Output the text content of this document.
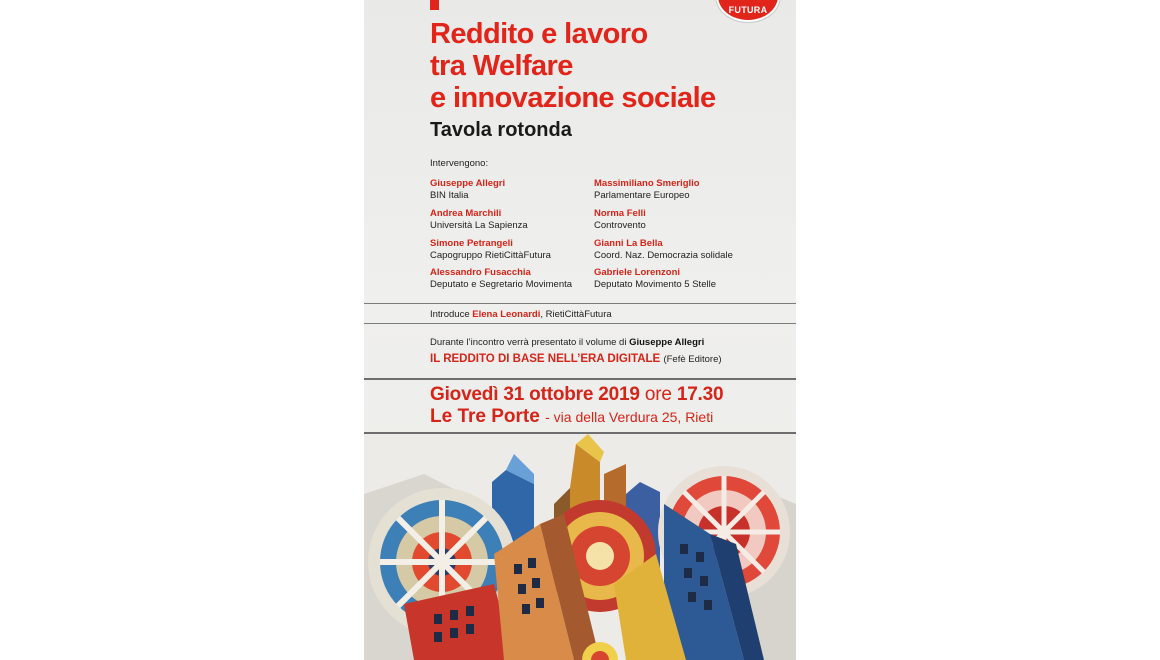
FUTURA
Reddito e lavoro
tra Welfare
e innovazione sociale
Tavola rotonda
Intervengono:
Giuseppe Allegri
BIN Italia
Andrea Marchili
Università La Sapienza
Simone Petrangeli
Capogruppo RietiCittàFutura
Alessandro Fusacchia
Deputato e Segretario Movimenta
Massimiliano Smeriglio
Parlamentare Europeo
Norma Felli
Controvento
Gianni La Bella
Coord. Naz. Democrazia solidale
Gabriele Lorenzoni
Deputato Movimento 5 Stelle
Introduce Elena Leonardi, RietiCittàFutura
Durante l’incontro verrà presentato il volume di Giuseppe Allegri
IL REDDITO DI BASE NELL’ERA DIGITALE (Fefè Editore)
Giovedì 31 ottobre 2019 ore 17.30
Le Tre Porte - via della Verdura 25, Rieti
